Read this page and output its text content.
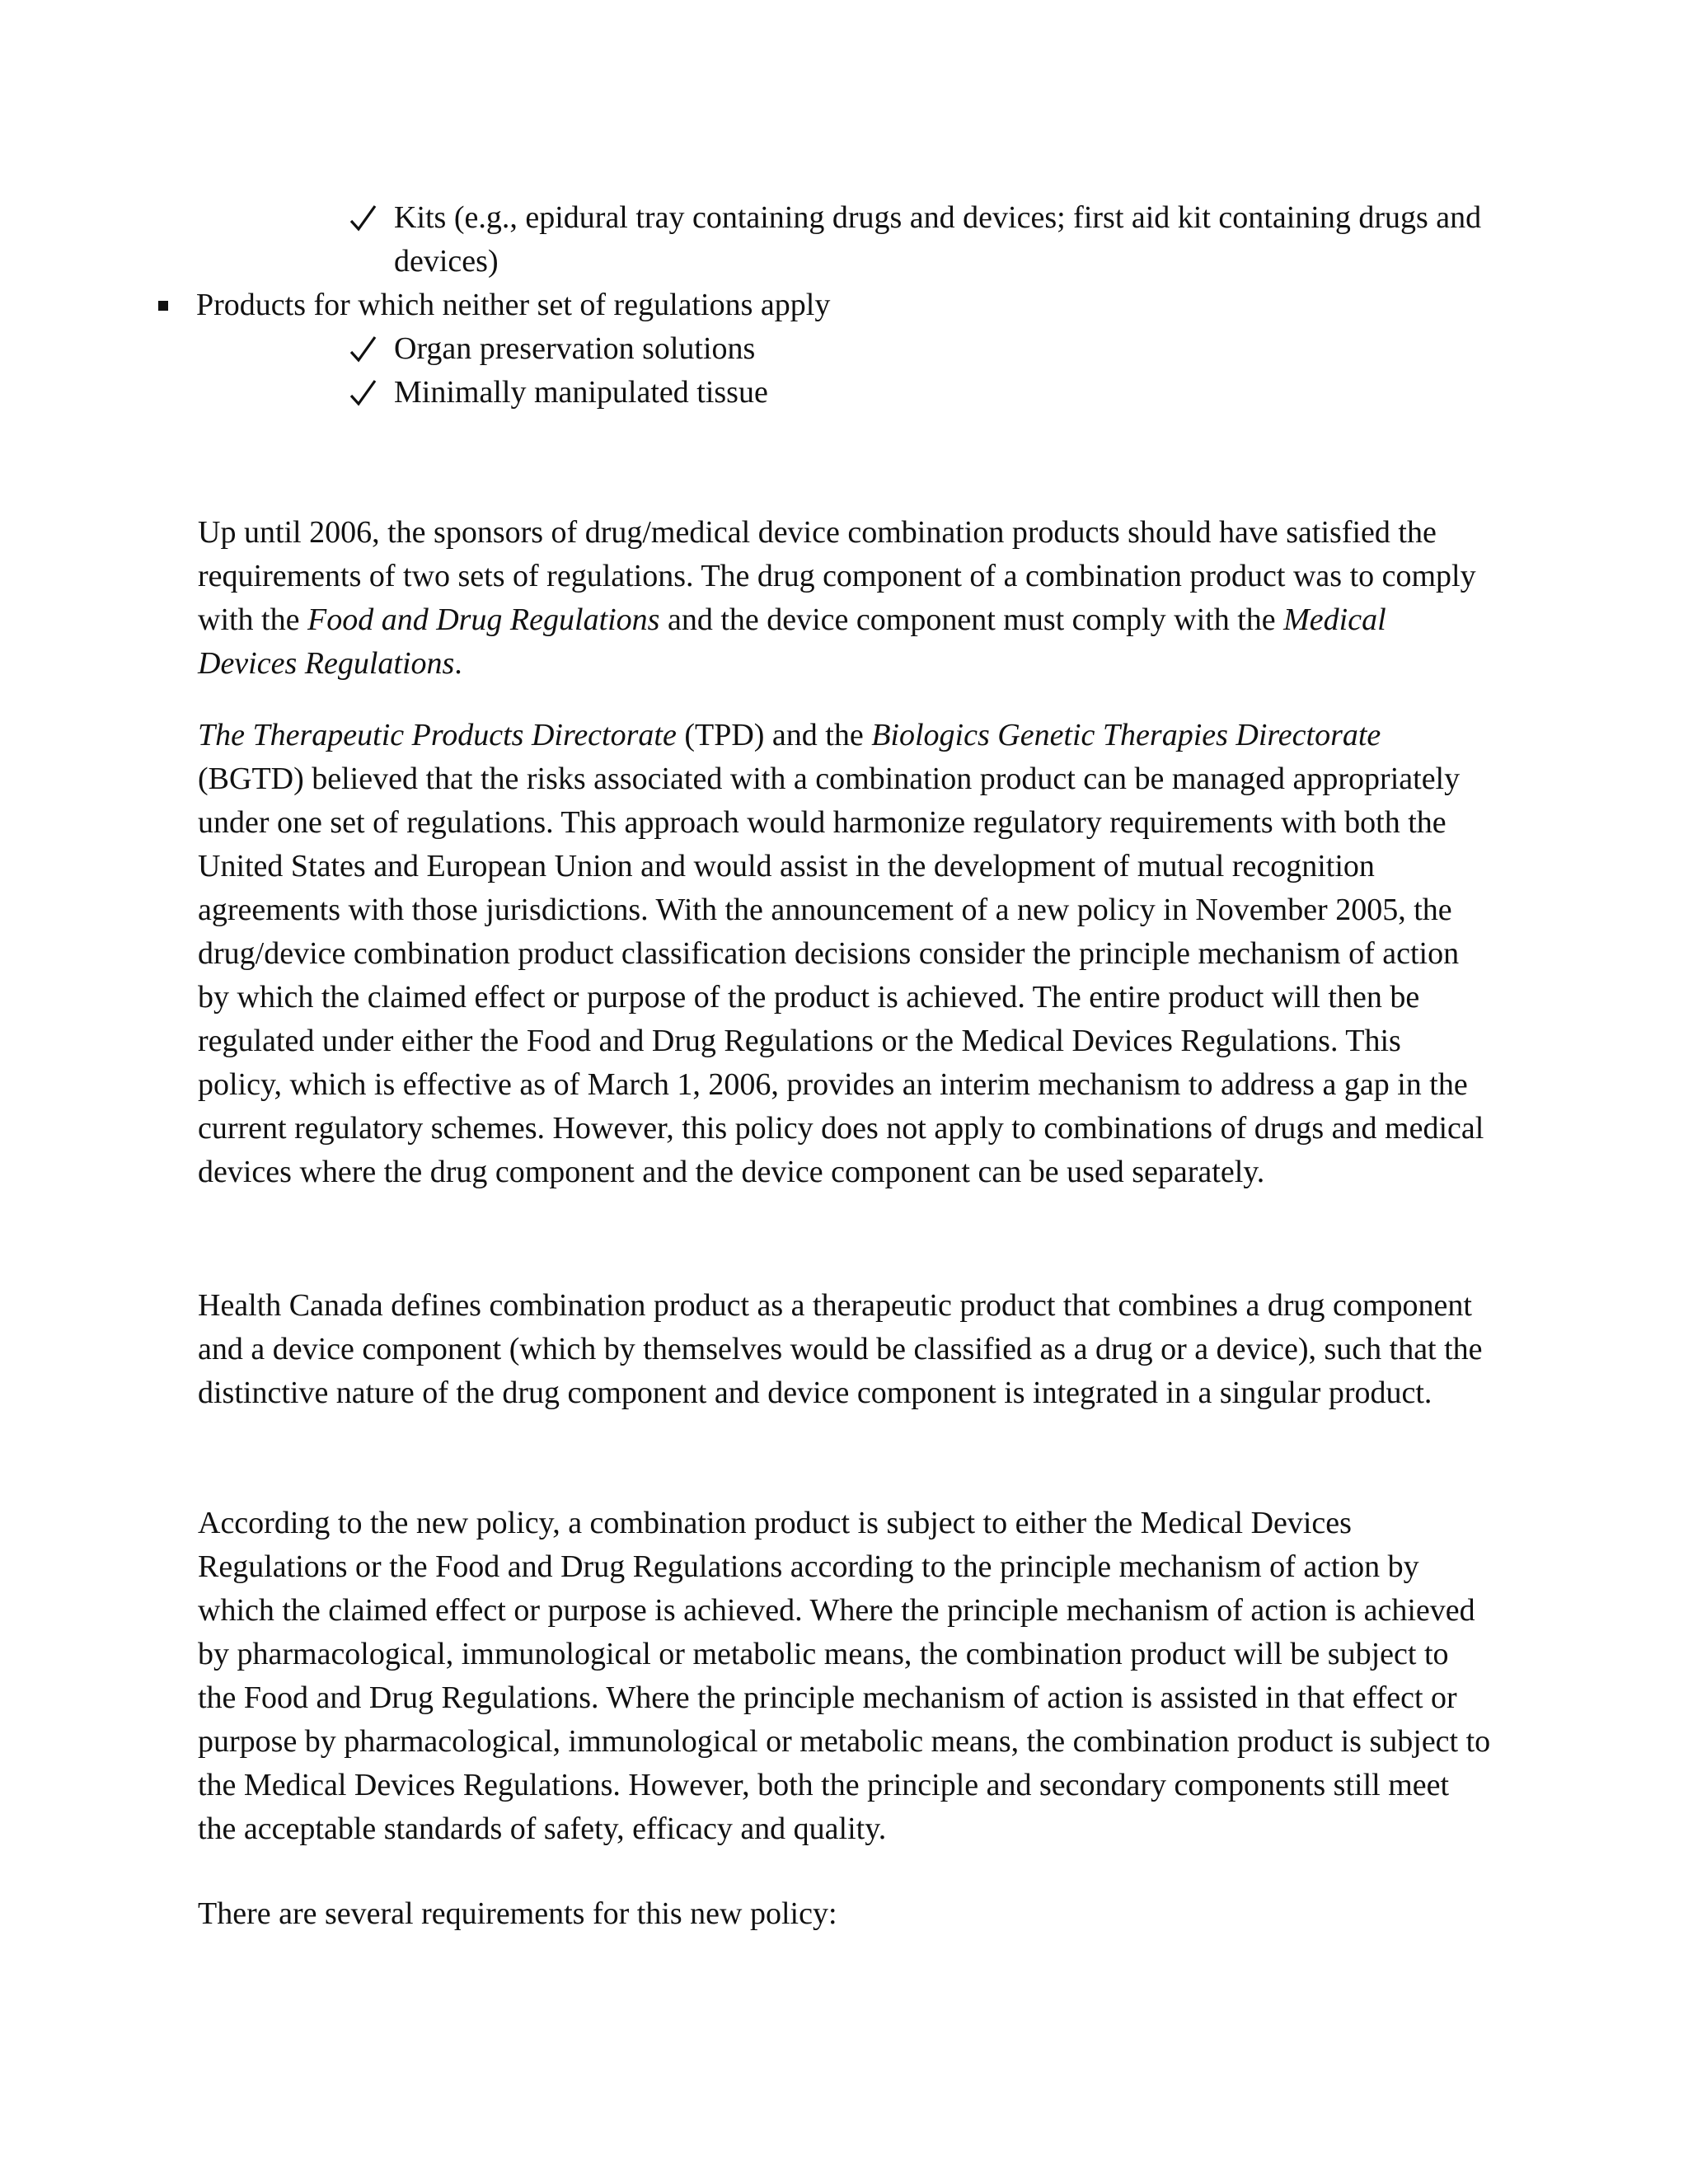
Kits (e.g., epidural tray containing drugs and devices; first aid kit containing drugs and devices)
Products for which neither set of regulations apply
Organ preservation solutions
Minimally manipulated tissue

Up until 2006, the sponsors of drug/medical device combination products should have satisfied the requirements of two sets of regulations. The drug component of a combination product was to comply with the Food and Drug Regulations and the device component must comply with the Medical Devices Regulations.

The Therapeutic Products Directorate (TPD) and the Biologics Genetic Therapies Directorate (BGTD) believed that the risks associated with a combination product can be managed appropriately under one set of regulations. This approach would harmonize regulatory requirements with both the United States and European Union and would assist in the development of mutual recognition agreements with those jurisdictions. With the announcement of a new policy in November 2005, the drug/device combination product classification decisions consider the principle mechanism of action by which the claimed effect or purpose of the product is achieved. The entire product will then be regulated under either the Food and Drug Regulations or the Medical Devices Regulations. This policy, which is effective as of March 1, 2006, provides an interim mechanism to address a gap in the current regulatory schemes. However, this policy does not apply to combinations of drugs and medical devices where the drug component and the device component can be used separately.

Health Canada defines combination product as a therapeutic product that combines a drug component and a device component (which by themselves would be classified as a drug or a device), such that the distinctive nature of the drug component and device component is integrated in a singular product.

According to the new policy, a combination product is subject to either the Medical Devices Regulations or the Food and Drug Regulations according to the principle mechanism of action by which the claimed effect or purpose is achieved. Where the principle mechanism of action is achieved by pharmacological, immunological or metabolic means, the combination product will be subject to the Food and Drug Regulations. Where the principle mechanism of action is assisted in that effect or purpose by pharmacological, immunological or metabolic means, the combination product is subject to the Medical Devices Regulations. However, both the principle and secondary components still meet the acceptable standards of safety, efficacy and quality.

There are several requirements for this new policy:
